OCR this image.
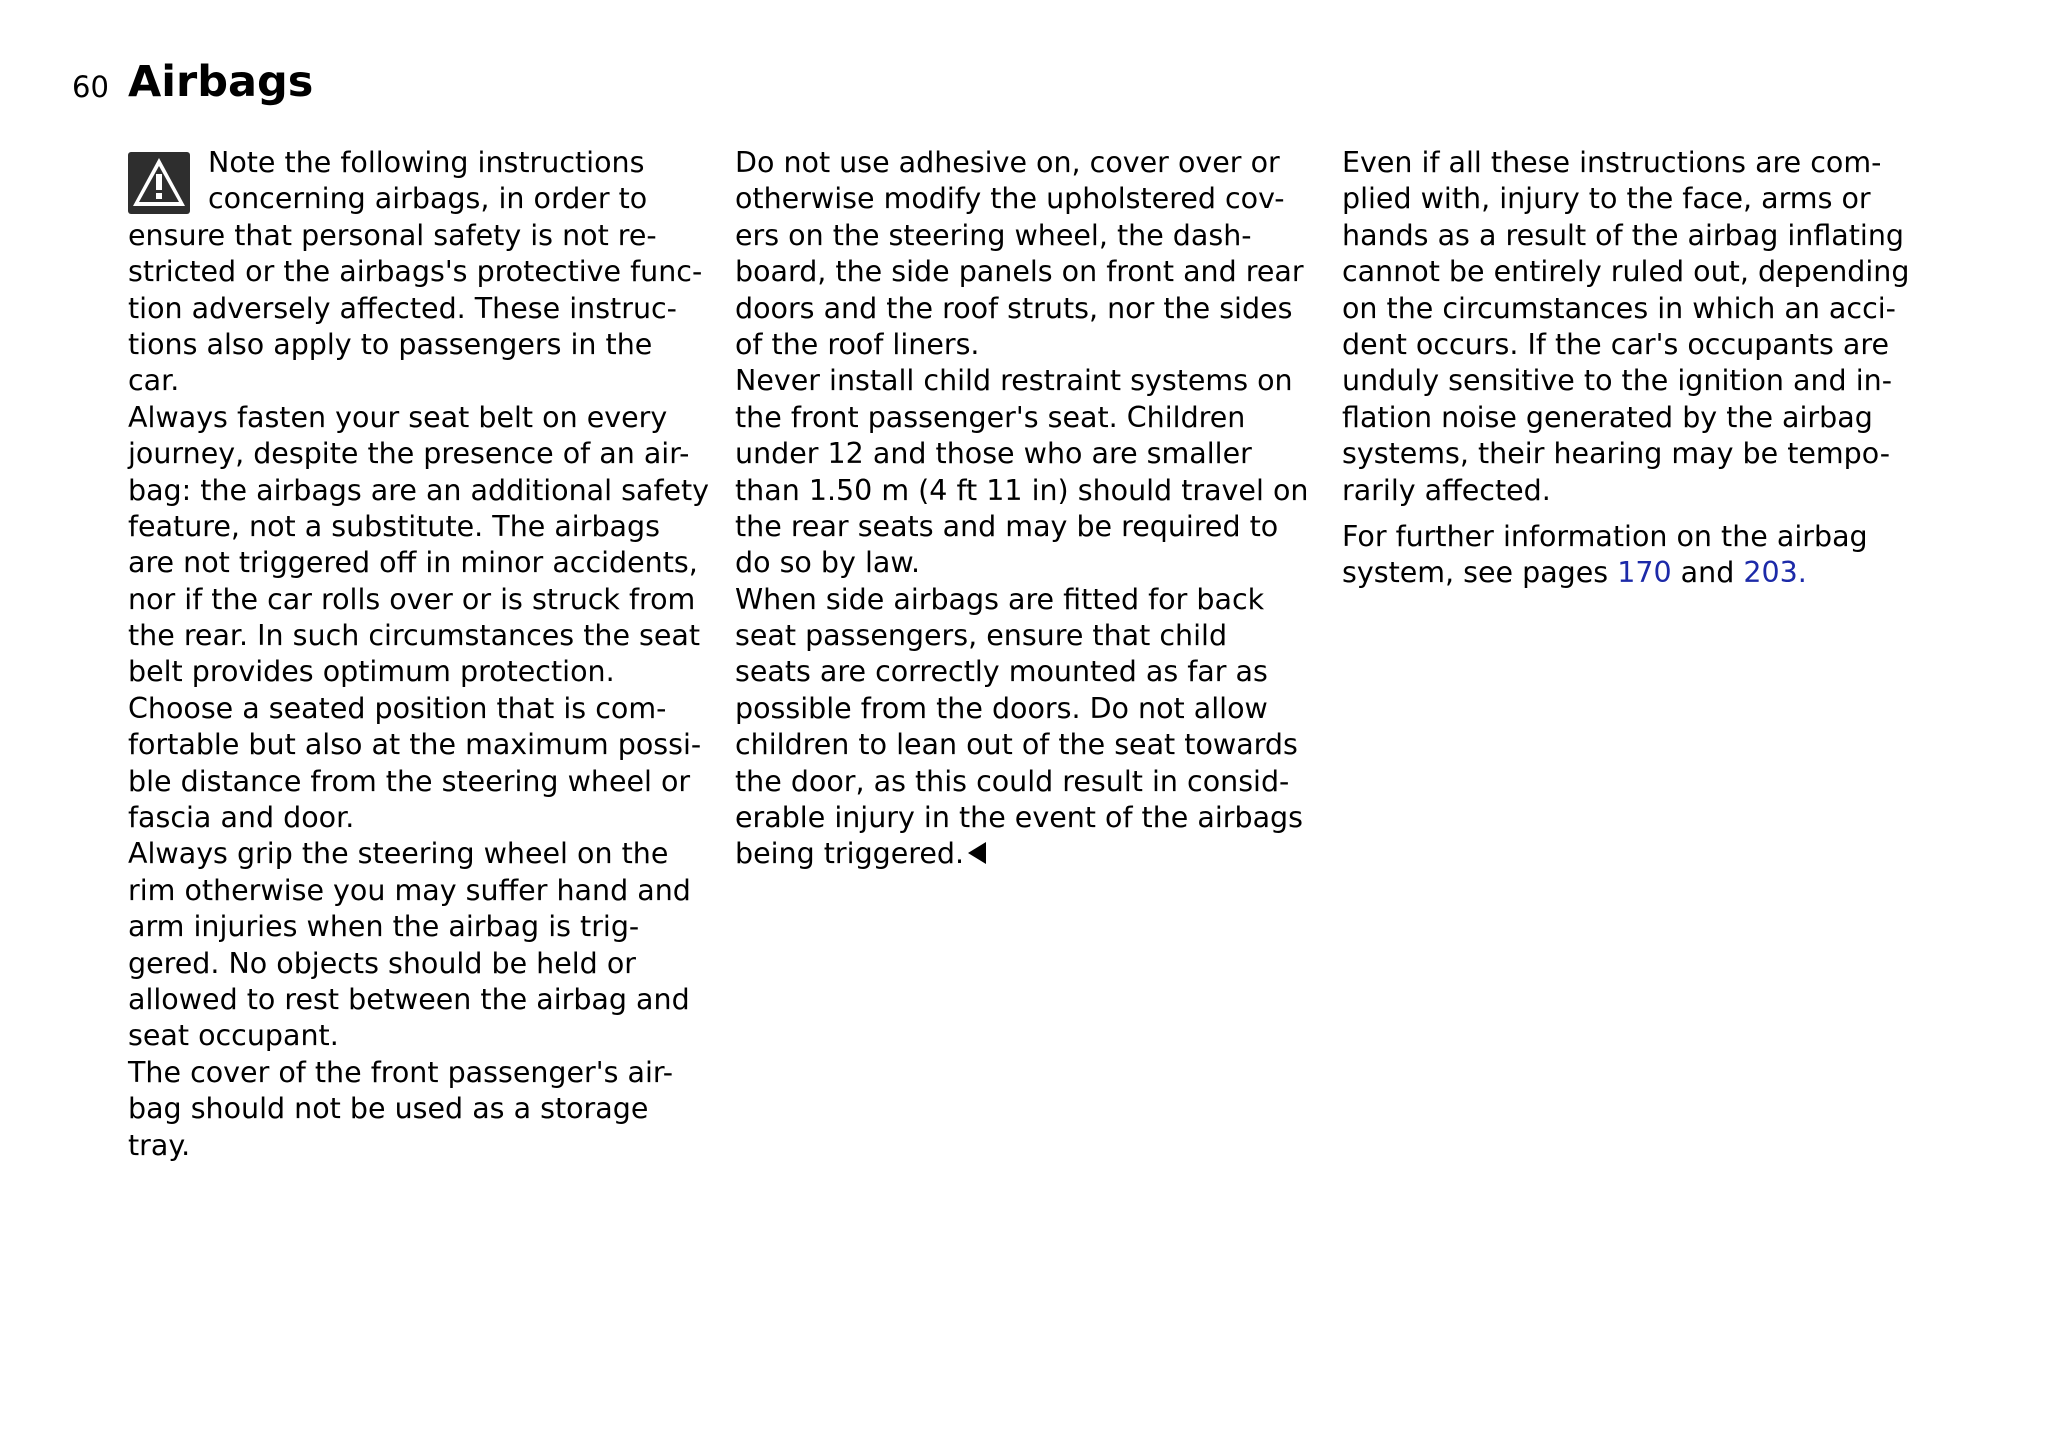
60 Airbags
Note the following instructions
concerning airbags, in order to
ensure that personal safety is not re-
stricted or the airbags's protective func-
tion adversely affected. These instruc-
tions also apply to passengers in the
car.
Always fasten your seat belt on every
journey, despite the presence of an air-
bag: the airbags are an additional safety
feature, not a substitute. The airbags
are not triggered off in minor accidents,
nor if the car rolls over or is struck from
the rear. In such circumstances the seat
belt provides optimum protection.
Choose a seated position that is com-
fortable but also at the maximum possi-
ble distance from the steering wheel or
fascia and door.
Always grip the steering wheel on the
rim otherwise you may suffer hand and
arm injuries when the airbag is trig-
gered. No objects should be held or
allowed to rest between the airbag and
seat occupant.
The cover of the front passenger's air-
bag should not be used as a storage
tray.
Do not use adhesive on, cover over or
otherwise modify the upholstered cov-
ers on the steering wheel, the dash-
board, the side panels on front and rear
doors and the roof struts, nor the sides
of the roof liners.
Never install child restraint systems on
the front passenger's seat. Children
under 12 and those who are smaller
than 1.50 m (4 ft 11 in) should travel on
the rear seats and may be required to
do so by law.
When side airbags are fitted for back
seat passengers, ensure that child
seats are correctly mounted as far as
possible from the doors. Do not allow
children to lean out of the seat towards
the door, as this could result in consid-
erable injury in the event of the airbags
being triggered.
Even if all these instructions are com-
plied with, injury to the face, arms or
hands as a result of the airbag inflating
cannot be entirely ruled out, depending
on the circumstances in which an acci-
dent occurs. If the car's occupants are
unduly sensitive to the ignition and in-
flation noise generated by the airbag
systems, their hearing may be tempo-
rarily affected.
For further information on the airbag
system, see pages 170 and 203.
